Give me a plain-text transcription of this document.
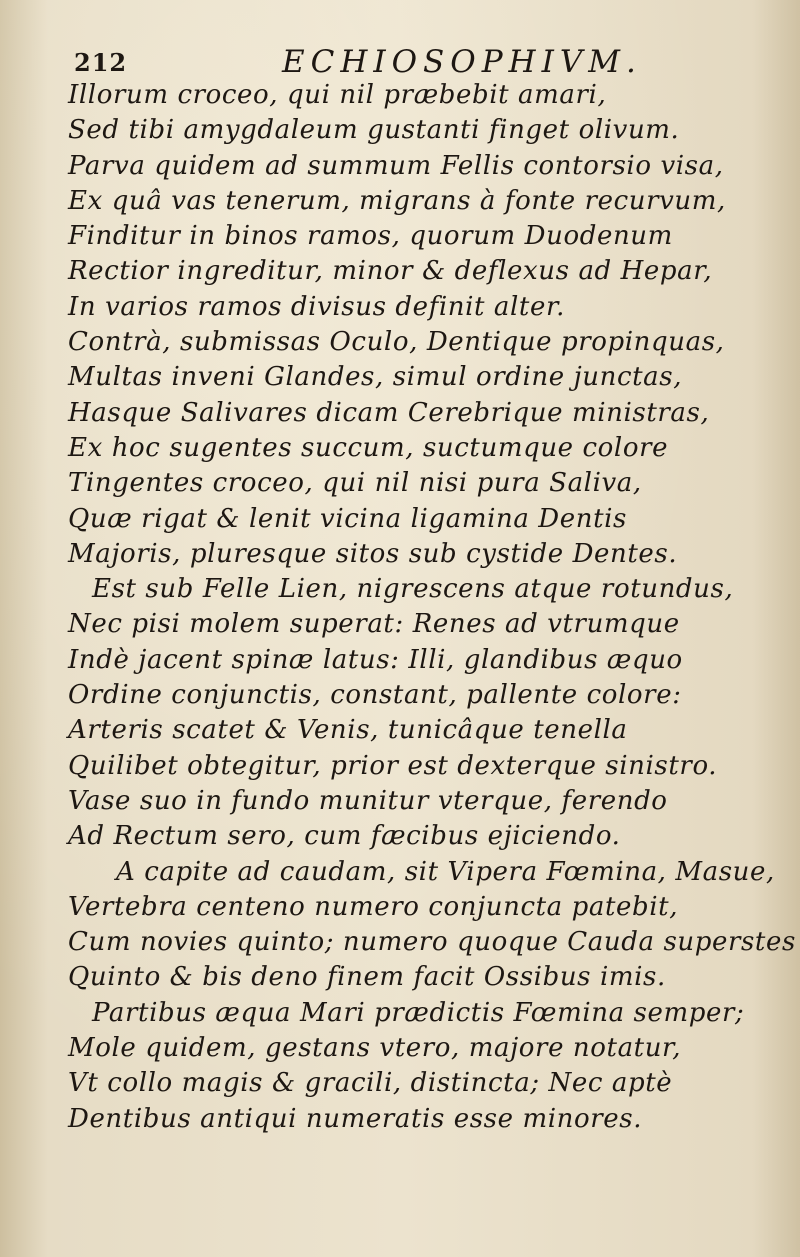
212	ECHIOSOPHIVM.
Illorum croceo, qui nil præbebit amari,
Sed tibi amygdaleum gustanti finget olivum.
Parva quidem ad summum Fellis contorsio visa,
Ex quâ vas tenerum, migrans à fonte recurvum,
Finditur in binos ramos, quorum Duodenum
Rectior ingreditur, minor & deflexus ad Hepar,
In varios ramos divisus definit alter.
Contrà, submissas Oculo, Dentique propinquas,
Multas inveni Glandes, simul ordine junctas,
Hasque Salivares dicam Cerebrique ministras,
Ex hoc sugentes succum, suctumque colore
Tingentes croceo, qui nil nisi pura Saliva,
Quæ rigat & lenit vicina ligamina Dentis
Majoris, pluresque sitos sub cystide Dentes.
Est sub Felle Lien, nigrescens atque rotundus,
Nec pisi molem superat: Renes ad vtrumque
Indè jacent spinæ latus: Illi, glandibus æquo
Ordine conjunctis, constant, pallente colore:
Arteris scatet & Venis, tunicâque tenella
Quilibet obtegitur, prior est dexterque sinistro.
Vase suo in fundo munitur vterque, ferendo
Ad Rectum sero, cum fæcibus ejiciendo.
A capite ad caudam, sit Vipera Fœmina, Masue,
Vertebra centeno numero conjuncta patebit,
Cum novies quinto; numero quoque Cauda superstes
Quinto & bis deno finem facit Ossibus imis.
Partibus æqua Mari prædictis Fœmina semper;
Mole quidem, gestans vtero, majore notatur,
Vt collo magis & gracili, distincta; Nec aptè
Dentibus antiqui numeratis esse minores.
